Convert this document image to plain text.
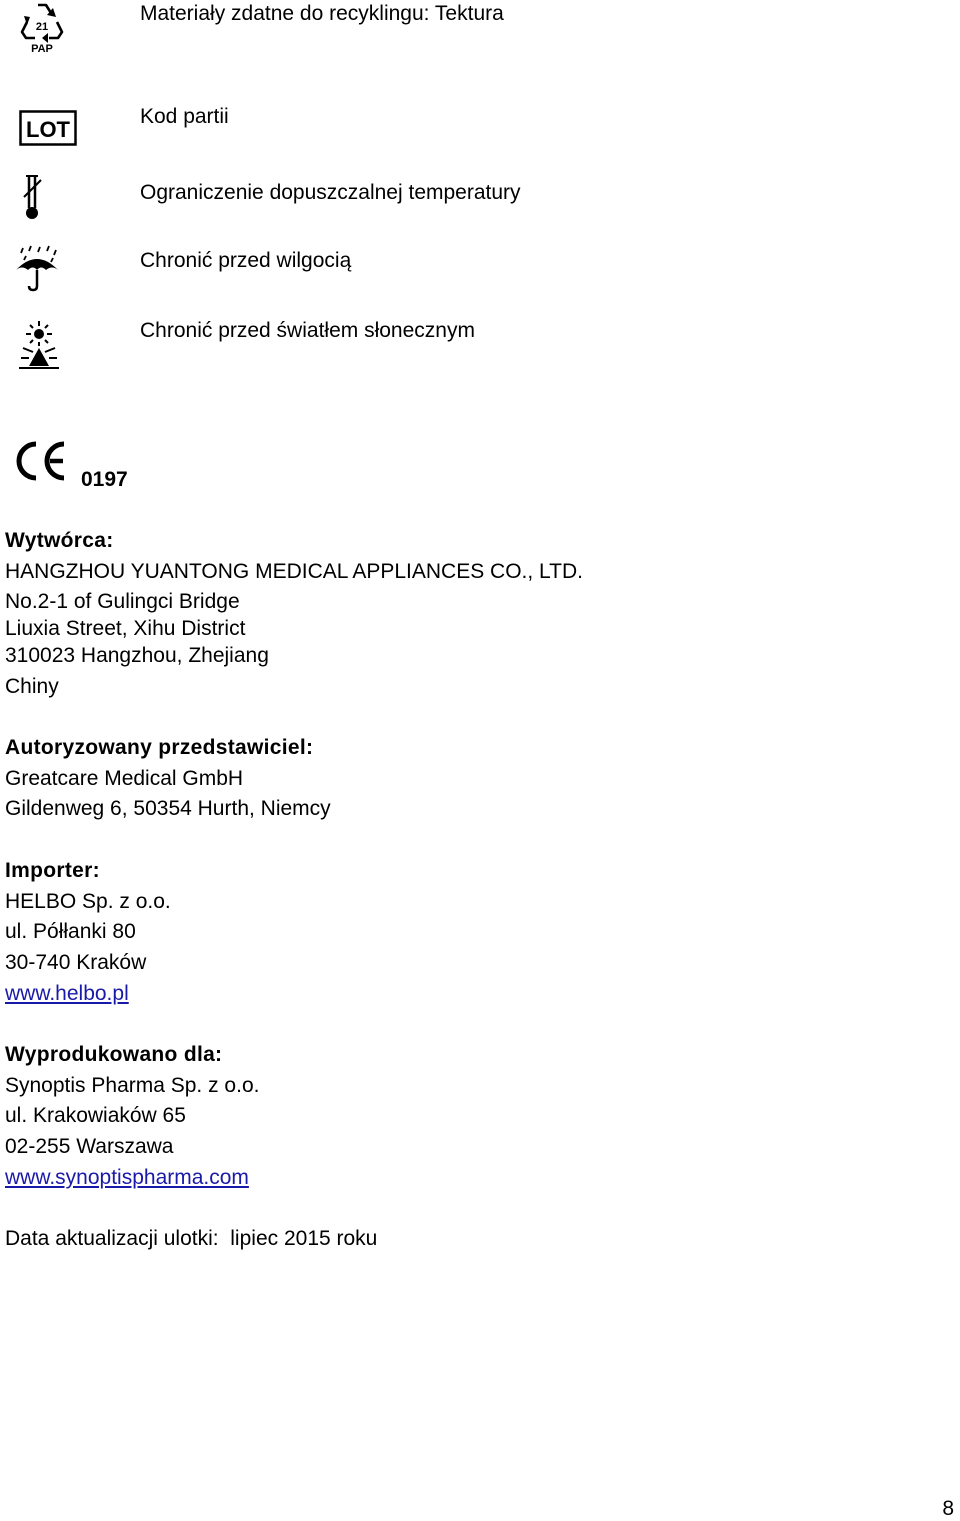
21
PAP
Materiały zdatne do recyklingu: Tektura
LOT
Kod partii
Ograniczenie dopuszczalnej temperatury
Chronić przed wilgocią
Chronić przed światłem słonecznym
0197
Wytwórca:
HANGZHOU YUANTONG MEDICAL APPLIANCES CO., LTD.
No.2-1 of Gulingci Bridge
Liuxia Street, Xihu District
310023 Hangzhou, Zhejiang
Chiny
Autoryzowany przedstawiciel:
Greatcare Medical GmbH
Gildenweg 6, 50354 Hurth, Niemcy
Importer:
HELBO Sp. z o.o.
ul. Półłanki 80
30-740 Kraków
www.helbo.pl
Wyprodukowano dla:
Synoptis Pharma Sp. z o.o.
ul. Krakowiaków 65
02-255 Warszawa
www.synoptispharma.com
Data aktualizacji ulotki:  lipiec 2015 roku
8
